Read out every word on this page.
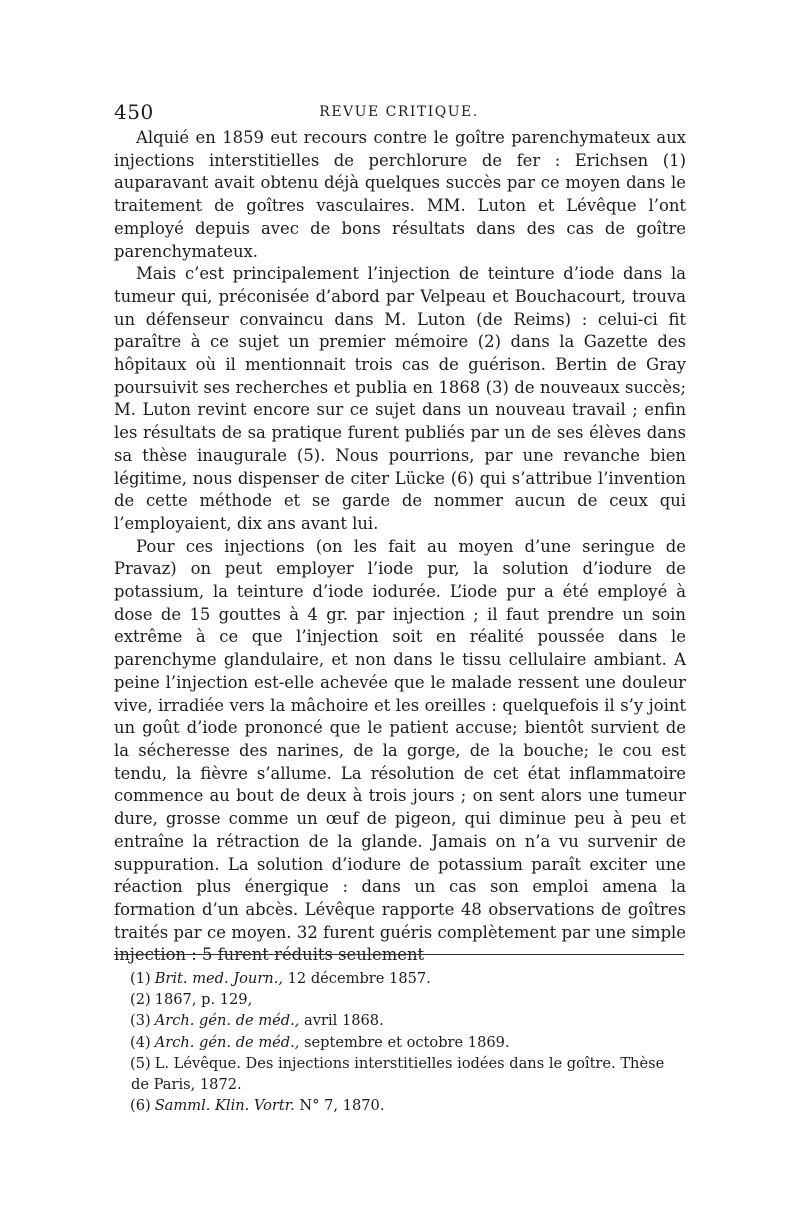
450	REVUE CRITIQUE.

Alquié en 1859 eut recours contre le goître parenchymateux aux injections interstitielles de perchlorure de fer : Erichsen (1) auparavant avait obtenu déjà quelques succès par ce moyen dans le traitement de goîtres vasculaires. MM. Luton et Lévêque l’ont employé depuis avec de bons résultats dans des cas de goître parenchymateux.

Mais c’est principalement l’injection de teinture d’iode dans la tumeur qui, préconisée d’abord par Velpeau et Bouchacourt, trouva un défenseur convaincu dans M. Luton (de Reims) : celui-ci fit paraître à ce sujet un premier mémoire (2) dans la Gazette des hôpitaux où il mentionnait trois cas de guérison. Bertin de Gray poursuivit ses recherches et publia en 1868 (3) de nouveaux succès; M. Luton revint encore sur ce sujet dans un nouveau travail ; enfin les résultats de sa pratique furent publiés par un de ses élèves dans sa thèse inaugurale (5). Nous pourrions, par une revanche bien légitime, nous dispenser de citer Lücke (6) qui s’attribue l’invention de cette méthode et se garde de nommer aucun de ceux qui l’employaient, dix ans avant lui.

Pour ces injections (on les fait au moyen d’une seringue de Pravaz) on peut employer l’iode pur, la solution d’iodure de potassium, la teinture d’iode iodurée. L’iode pur a été employé à dose de 15 gouttes à 4 gr. par injection ; il faut prendre un soin extrême à ce que l’injection soit en réalité poussée dans le parenchyme glandulaire, et non dans le tissu cellulaire ambiant. A peine l’injection est-elle achevée que le malade ressent une douleur vive, irradiée vers la mâchoire et les oreilles : quelquefois il s’y joint un goût d’iode prononcé que le patient accuse; bientôt survient de la sécheresse des narines, de la gorge, de la bouche; le cou est tendu, la fièvre s’allume. La résolution de cet état inflammatoire commence au bout de deux à trois jours ; on sent alors une tumeur dure, grosse comme un œuf de pigeon, qui diminue peu à peu et entraîne la rétraction de la glande. Jamais on n’a vu survenir de suppuration. La solution d’iodure de potassium paraît exciter une réaction plus énergique : dans un cas son emploi amena la formation d’un abcès. Lévêque rapporte 48 observations de goîtres traités par ce moyen. 32 furent guéris complètement par une simple injection : 5 furent réduits seulement

(1) Brit. med. Journ., 12 décembre 1857.

(2) 1867, p. 129,

(3) Arch. gén. de méd., avril 1868.

(4) Arch. gén. de méd., septembre et octobre 1869.

(5) L. Lévêque. Des injections interstitielles iodées dans le goître. Thèse de Paris, 1872.

(6) Samml. Klin. Vortr. N° 7, 1870.
